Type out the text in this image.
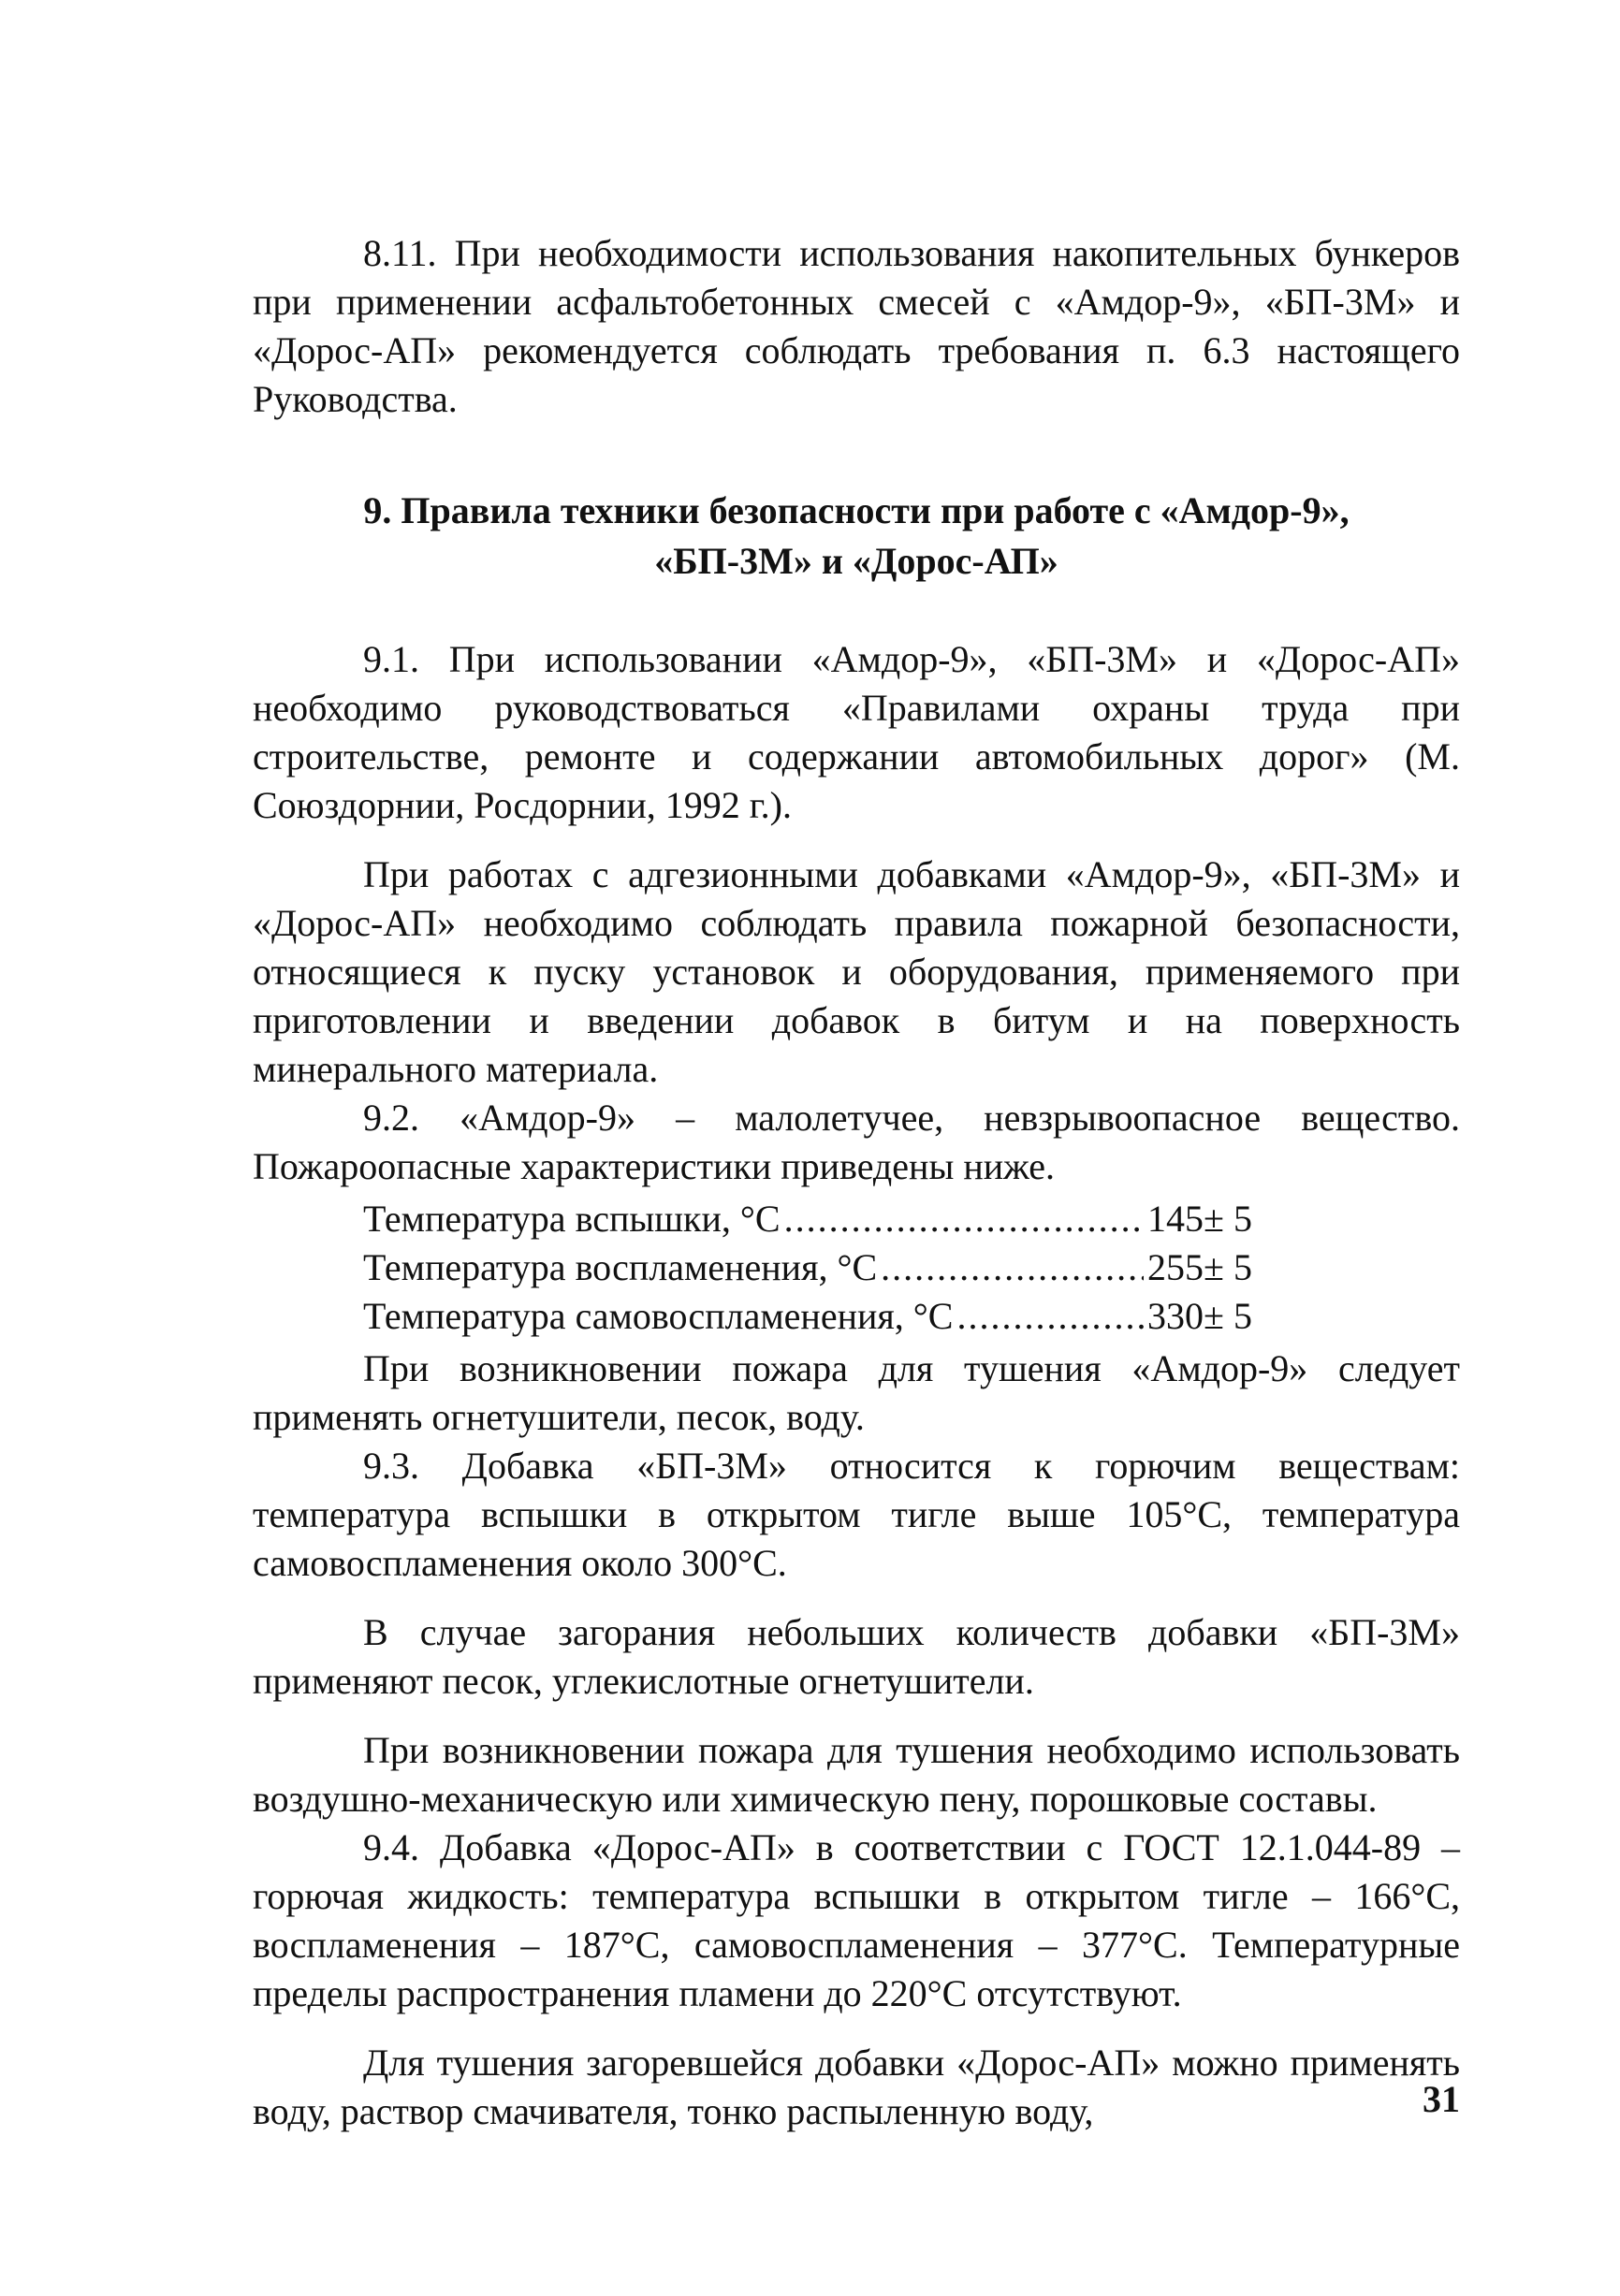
8.11. При необходимости использования накопительных бункеров при применении асфальтобетонных смесей с «Амдор-9», «БП-3М» и «Дорос-АП» рекомендуется соблюдать требования п. 6.3 настоящего Руководства.

9. Правила техники безопасности при работе с «Амдор-9»,
«БП-3М» и «Дорос-АП»

9.1. При использовании «Амдор-9», «БП-3М» и «Дорос-АП» необходимо руководствоваться «Правилами охраны труда при строительстве, ремонте и содержании автомобильных дорог» (М. Союздорнии, Росдорнии, 1992 г.).

При работах с адгезионными добавками «Амдор-9», «БП-3М» и «Дорос-АП» необходимо соблюдать правила пожарной безопасности, относящиеся к пуску установок и оборудования, применяемого при приготовлении и введении добавок в битум и на поверхность минерального материала.

9.2. «Амдор-9» – малолетучее, невзрывоопасное вещество. Пожароопасные характеристики приведены ниже.

Температура вспышки, °С .....	145± 5
Температура воспламенения, °С .....	255± 5
Температура самовоспламенения, °С .....	330± 5

При возникновении пожара для тушения «Амдор-9» следует применять огнетушители, песок, воду.

9.3. Добавка «БП-3М» относится к горючим веществам: температура вспышки в открытом тигле выше 105°С, температура самовоспламенения около 300°С.

В случае загорания небольших количеств добавки «БП-3М» применяют песок, углекислотные огнетушители.

При возникновении пожара для тушения необходимо использовать воздушно-механическую или химическую пену, порошковые составы.

9.4. Добавка «Дорос-АП» в соответствии с ГОСТ 12.1.044-89 – горючая жидкость: температура вспышки в открытом тигле – 166°С, воспламенения – 187°С, самовоспламенения – 377°С. Температурные пределы распространения пламени до 220°С отсутствуют.

Для тушения загоревшейся добавки «Дорос-АП» можно применять воду, раствор смачивателя, тонко распыленную воду,	31
